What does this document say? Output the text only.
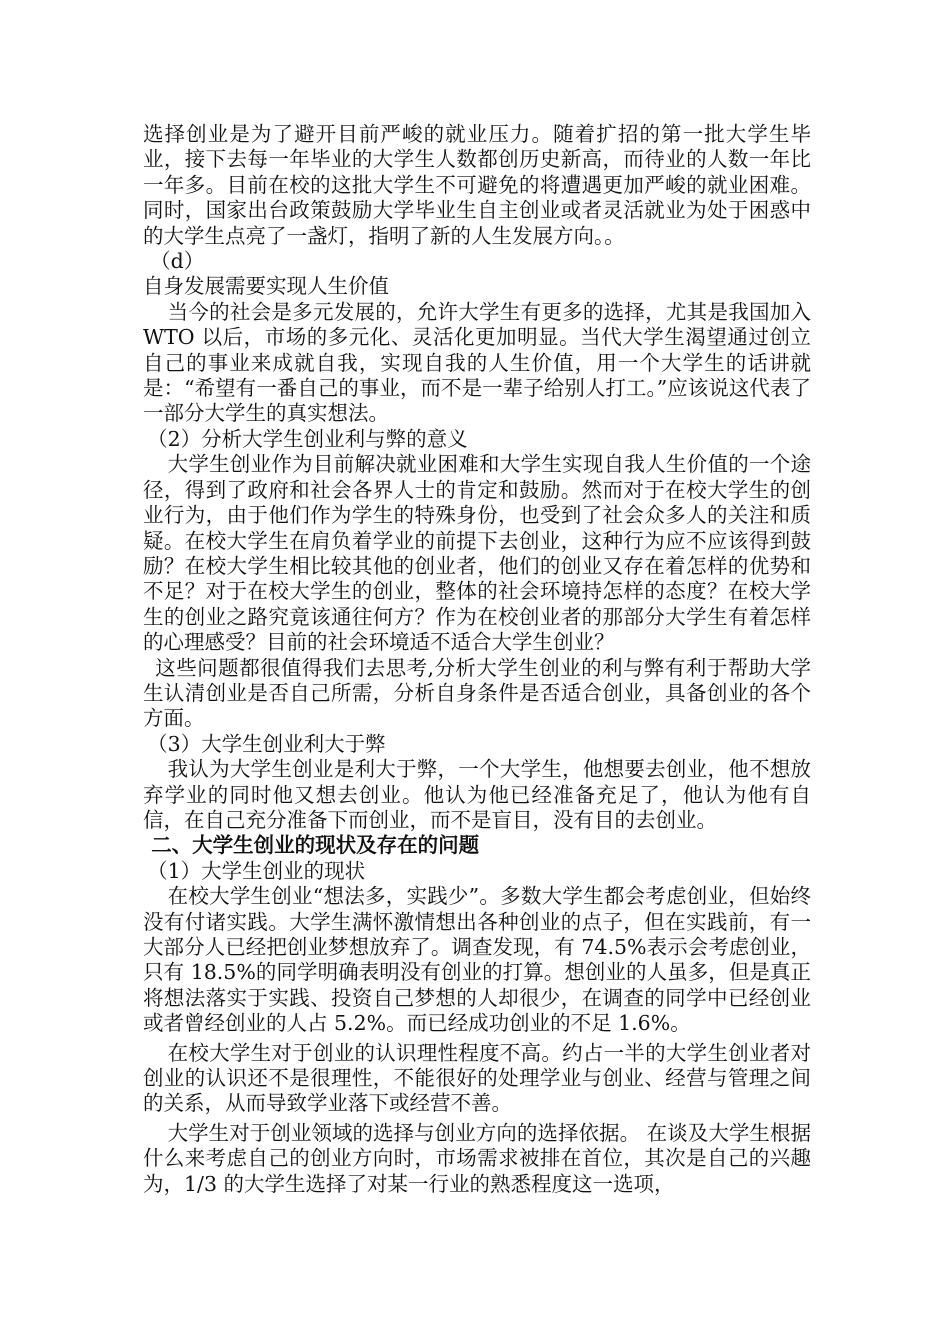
选择创业是为了避开目前严峻的就业压力。随着扩招的第一批大学生毕业，接下去每一年毕业的大学生人数都创历史新高，而待业的人数一年比一年多。目前在校的这批大学生不可避免的将遭遇更加严峻的就业困难。同时，国家出台政策鼓励大学毕业生自主创业或者灵活就业为处于困惑中的大学生点亮了一盏灯，指明了新的人生发展方向。。

（d）

自身发展需要实现人生价值

当今的社会是多元发展的，允许大学生有更多的选择，尤其是我国加入 WTO 以后，市场的多元化、灵活化更加明显。当代大学生渴望通过创立自己的事业来成就自我，实现自我的人生价值，用一个大学生的话讲就是：“希望有一番自己的事业，而不是一辈子给别人打工。”应该说这代表了一部分大学生的真实想法。

（2）分析大学生创业利与弊的意义

大学生创业作为目前解决就业困难和大学生实现自我人生价值的一个途径，得到了政府和社会各界人士的肯定和鼓励。然而对于在校大学生的创业行为，由于他们作为学生的特殊身份，也受到了社会众多人的关注和质疑。在校大学生在肩负着学业的前提下去创业，这种行为应不应该得到鼓励？在校大学生相比较其他的创业者，他们的创业又存在着怎样的优势和不足？对于在校大学生的创业，整体的社会环境持怎样的态度？在校大学生的创业之路究竟该通往何方？作为在校创业者的那部分大学生有着怎样的心理感受？目前的社会环境适不适合大学生创业？

这些问题都很值得我们去思考,分析大学生创业的利与弊有利于帮助大学生认清创业是否自己所需，分析自身条件是否适合创业，具备创业的各个方面。

（3）大学生创业利大于弊

我认为大学生创业是利大于弊，一个大学生，他想要去创业，他不想放弃学业的同时他又想去创业。他认为他已经准备充足了，他认为他有自信，在自己充分准备下而创业，而不是盲目，没有目的去创业。

二、大学生创业的现状及存在的问题

（1）大学生创业的现状

在校大学生创业“想法多，实践少”。多数大学生都会考虑创业，但始终没有付诸实践。大学生满怀激情想出各种创业的点子，但在实践前，有一大部分人已经把创业梦想放弃了。调查发现，有 74.5%表示会考虑创业，只有 18.5%的同学明确表明没有创业的打算。想创业的人虽多，但是真正将想法落实于实践、投资自己梦想的人却很少，在调查的同学中已经创业或者曾经创业的人占 5.2%。而已经成功创业的不足 1.6%。

在校大学生对于创业的认识理性程度不高。约占一半的大学生创业者对创业的认识还不是很理性，不能很好的处理学业与创业、经营与管理之间的关系，从而导致学业落下或经营不善。

大学生对于创业领域的选择与创业方向的选择依据。 在谈及大学生根据什么来考虑自己的创业方向时，市场需求被排在首位，其次是自己的兴趣为，1/3 的大学生选择了对某一行业的熟悉程度这一选项，
